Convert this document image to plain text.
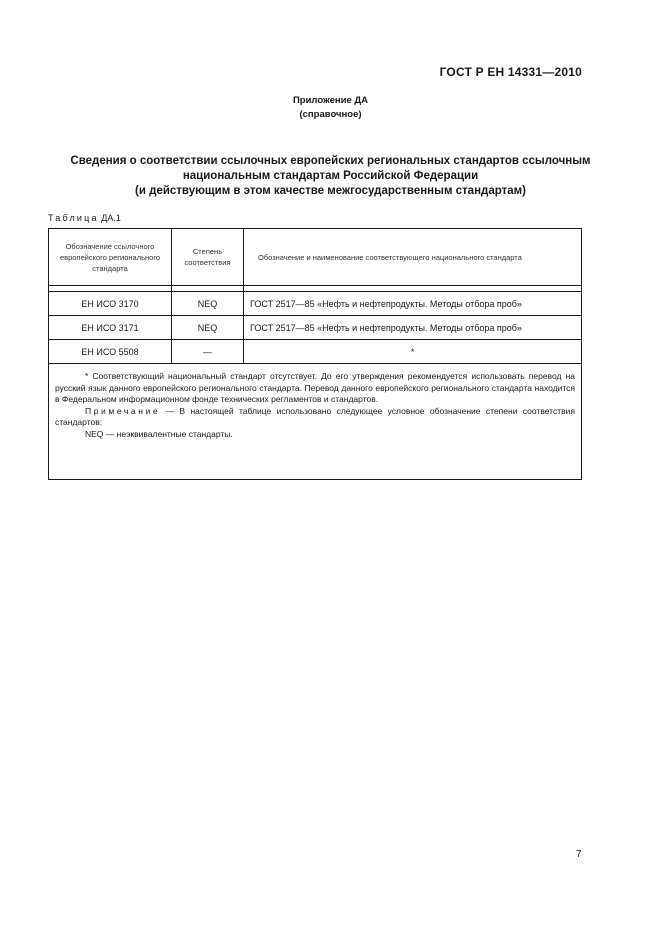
ГОСТ Р ЕН 14331—2010
Приложение ДА
(справочное)
Сведения о соответствии ссылочных европейских региональных стандартов ссылочным
национальным стандартам Российской Федерации
(и действующим в этом качестве межгосударственным стандартам)
Таблица ДА.1
Обозначение ссылочного европейского регионального стандарта	Степень соответствия	Обозначение и наименование соответствующего национального стандарта

ЕН ИСО 3170	NEQ	ГОСТ 2517—85 «Нефть и нефтепродукты. Методы отбора проб»
ЕН ИСО 3171	NEQ	ГОСТ 2517—85 «Нефть и нефтепродукты. Методы отбора проб»
ЕН ИСО 5508	—	*

* Соответствующий национальный стандарт отсутствует. До его утверждения рекомендуется использовать перевод на русский язык данного европейского регионального стандарта. Перевод данного европейского регионального стандарта находится в Федеральном информационном фонде технических регламентов и стандартов.

Примечание — В настоящей таблице использовано следующее условное обозначение степени соответствия стандартов:

NEQ — неэквивалентные стандарты.		

7
